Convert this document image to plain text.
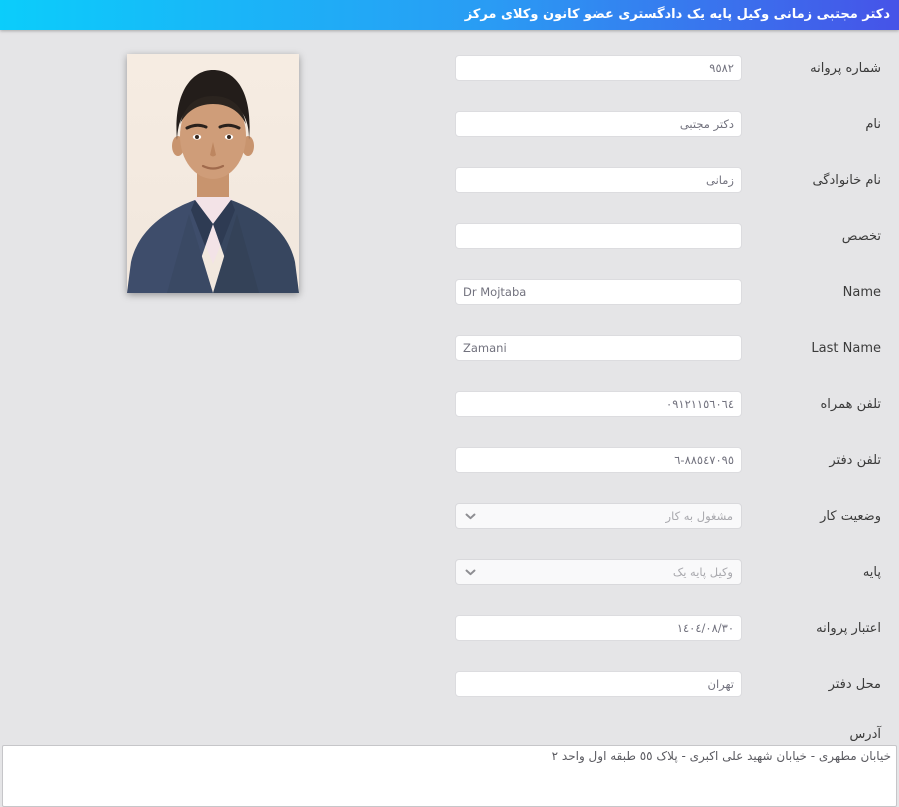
دکتر مجتبی زمانی وکیل پایه یک دادگستری عضو کانون وکلای مرکز
شماره پروانه
٩٥٨٢
نام
دکتر مجتبی
نام خانوادگی
زمانی
تخصص
Name
Dr Mojtaba
Last Name
Zamani
تلفن همراه
٠٩١٢١١٥٦٠٦٤
تلفن دفتر
٨٨٥٤٧٠٩٥-٦
وضعیت کار
مشغول به کار
پایه
وکیل پایه یک
اعتبار پروانه
١٤٠٤/٠٨/٣٠
محل دفتر
تهران
آدرس
خیابان مطهری - خیابان شهید علی اکبری - پلاک ٥٥ طبقه اول واحد ٢
